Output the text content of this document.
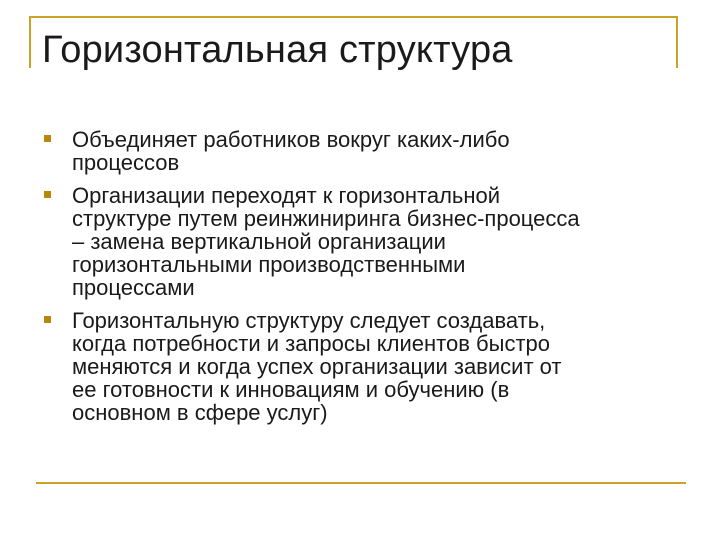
Горизонтальная структура
Объединяет работников вокруг каких-либо
процессов
Организации переходят к горизонтальной
структуре путем реинжиниринга бизнес-процесса
– замена вертикальной организации
горизонтальными производственными
процессами
Горизонтальную структуру следует создавать,
когда потребности и запросы клиентов быстро
меняются и когда успех организации зависит от
ее готовности к инновациям и обучению (в
основном в сфере услуг)
